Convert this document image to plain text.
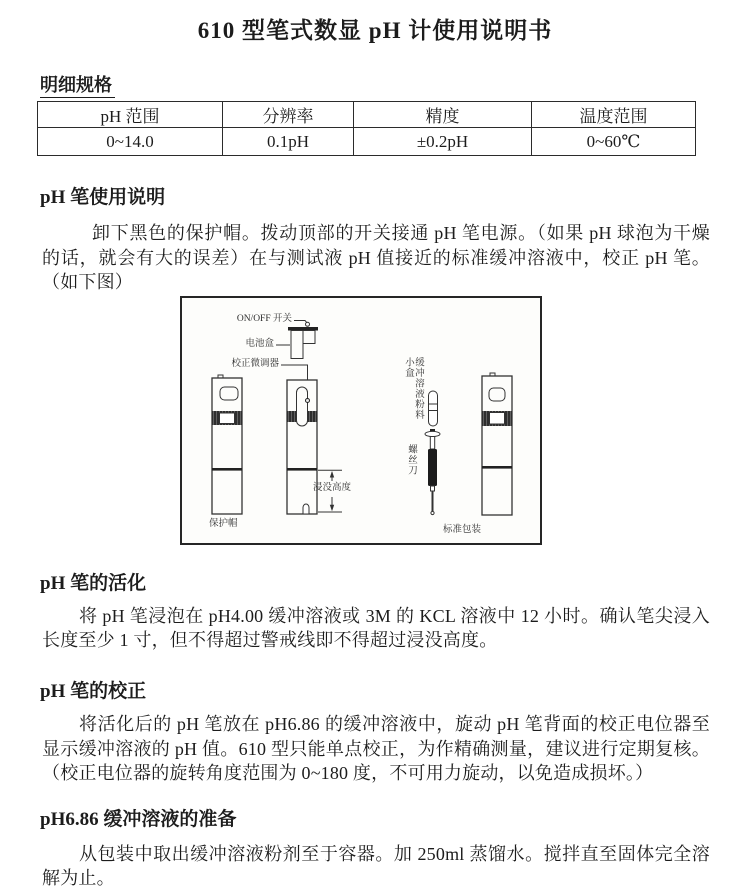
610 型笔式数显 pH 计使用说明书
明细规格
pH 范围	分辨率	精度	温度范围
0~14.0	0.1pH	±0.2pH	0~60℃
pH 笔使用说明
卸下黑色的保护帽。拨动顶部的开关接通 pH 笔电源。（如果 pH 球泡为干燥的话，就会有大的误差）在与测试液 pH 值接近的标准缓冲溶液中，校正 pH 笔。（如下图）
ON/OFF 开关
电池盒
校正微调器	缓冲溶液粉料小盒
螺丝刀
浸没高度
保护帽
标准包装
pH 笔的活化
将 pH 笔浸泡在 pH4.00 缓冲溶液或 3M 的 KCL 溶液中 12 小时。确认笔尖浸入长度至少 1 寸，但不得超过警戒线即不得超过浸没高度。
pH 笔的校正
将活化后的 pH 笔放在 pH6.86 的缓冲溶液中，旋动 pH 笔背面的校正电位器至显示缓冲溶液的 pH 值。610 型只能单点校正，为作精确测量，建议进行定期复核。（校正电位器的旋转角度范围为 0~180 度，不可用力旋动，以免造成损坏。）
pH6.86 缓冲溶液的准备
从包装中取出缓冲溶液粉剂至于容器。加 250ml 蒸馏水。搅拌直至固体完全溶解为止。
